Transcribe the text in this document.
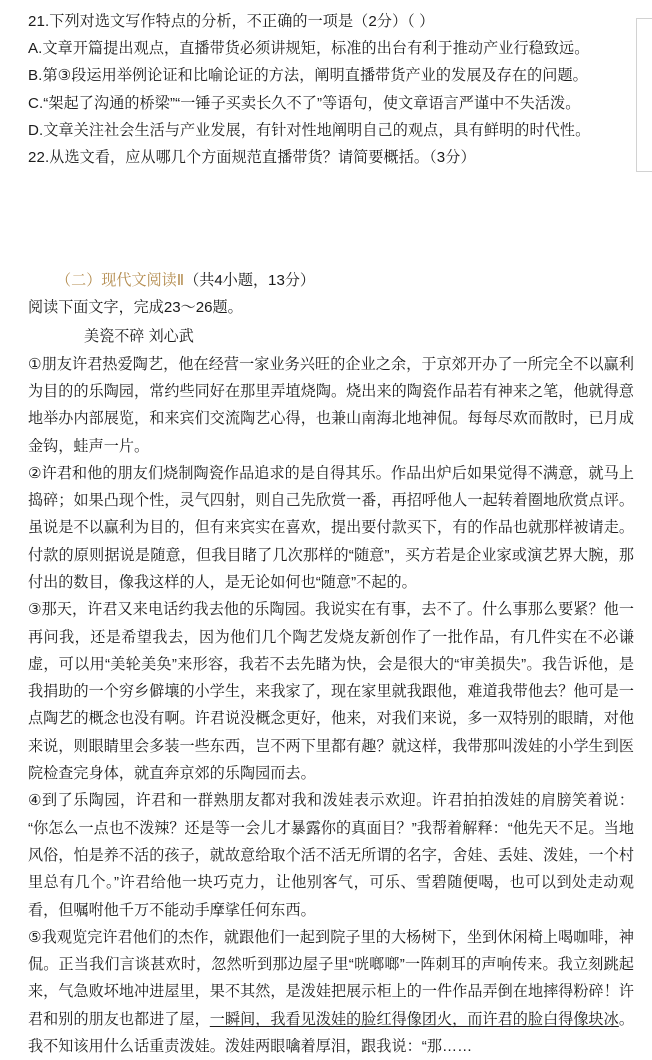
21.下列对选文写作特点的分析，不正确的一项是（2分）（ ）
A.文章开篇提出观点，直播带货必须讲规矩，标准的出台有利于推动产业行稳致远。
B.第③段运用举例论证和比喻论证的方法，阐明直播带货产业的发展及存在的问题。
C.“架起了沟通的桥梁”“一锤子买卖长久不了”等语句，使文章语言严谨中不失活泼。
D.文章关注社会生活与产业发展，有针对性地阐明自己的观点，具有鲜明的时代性。
22.从选文看，应从哪几个方面规范直播带货？请简要概括。（3分）
（二）现代文阅读Ⅱ（共4小题，13分）
阅读下面文字，完成23～26题。
美瓷不碎 刘心武

①朋友许君热爱陶艺，他在经营一家业务兴旺的企业之余，于京郊开办了一所完全不以赢利为目的的乐陶园，常约些同好在那里弄埴烧陶。烧出来的陶瓷作品若有神来之笔，他就得意地举办内部展览，和来宾们交流陶艺心得，也兼山南海北地神侃。每每尽欢而散时，已月成金钩，蛙声一片。

②许君和他的朋友们烧制陶瓷作品追求的是自得其乐。作品出炉后如果觉得不满意，就马上捣碎；如果凸现个性，灵气四射，则自己先欣赏一番，再招呼他人一起转着圈地欣赏点评。虽说是不以赢利为目的，但有来宾实在喜欢，提出要付款买下，有的作品也就那样被请走。付款的原则据说是随意，但我目睹了几次那样的“随意”，买方若是企业家或演艺界大腕，那付出的数目，像我这样的人，是无论如何也“随意”不起的。

③那天，许君又来电话约我去他的乐陶园。我说实在有事，去不了。什么事那么要紧？他一再问我，还是希望我去，因为他们几个陶艺发烧友新创作了一批作品，有几件实在不必谦虚，可以用“美轮美奂”来形容，我若不去先睹为快，会是很大的“审美损失”。我告诉他，是我捐助的一个穷乡僻壤的小学生，来我家了，现在家里就我跟他，难道我带他去？他可是一点陶艺的概念也没有啊。许君说没概念更好，他来，对我们来说，多一双特别的眼睛，对他来说，则眼睛里会多装一些东西，岂不两下里都有趣？就这样，我带那叫泼娃的小学生到医院检查完身体，就直奔京郊的乐陶园而去。

④到了乐陶园，许君和一群熟朋友都对我和泼娃表示欢迎。许君拍拍泼娃的肩膀笑着说：“你怎么一点也不泼辣？还是等一会儿才暴露你的真面目？”我帮着解释：“他先天不足。当地风俗，怕是养不活的孩子，就故意给取个活不活无所谓的名字，舍娃、丢娃、泼娃，一个村里总有几个。”许君给他一块巧克力，让他别客气，可乐、雪碧随便喝，也可以到处走动观看，但嘱咐他千万不能动手摩挲任何东西。

⑤我观览完许君他们的杰作，就跟他们一起到院子里的大杨树下，坐到休闲椅上喝咖啡，神侃。正当我们言谈甚欢时，忽然听到那边屋子里“咣啷啷”一阵刺耳的声响传来。我立刻跳起来，气急败坏地冲进屋里，果不其然，是泼娃把展示柜上的一件作品弄倒在地摔得粉碎！许君和别的朋友也都进了屋，一瞬间，我看见泼娃的脸红得像团火，而许君的脸白得像块冰。我不知该用什么话重责泼娃。泼娃两眼噙着厚泪，跟我说：“那……
